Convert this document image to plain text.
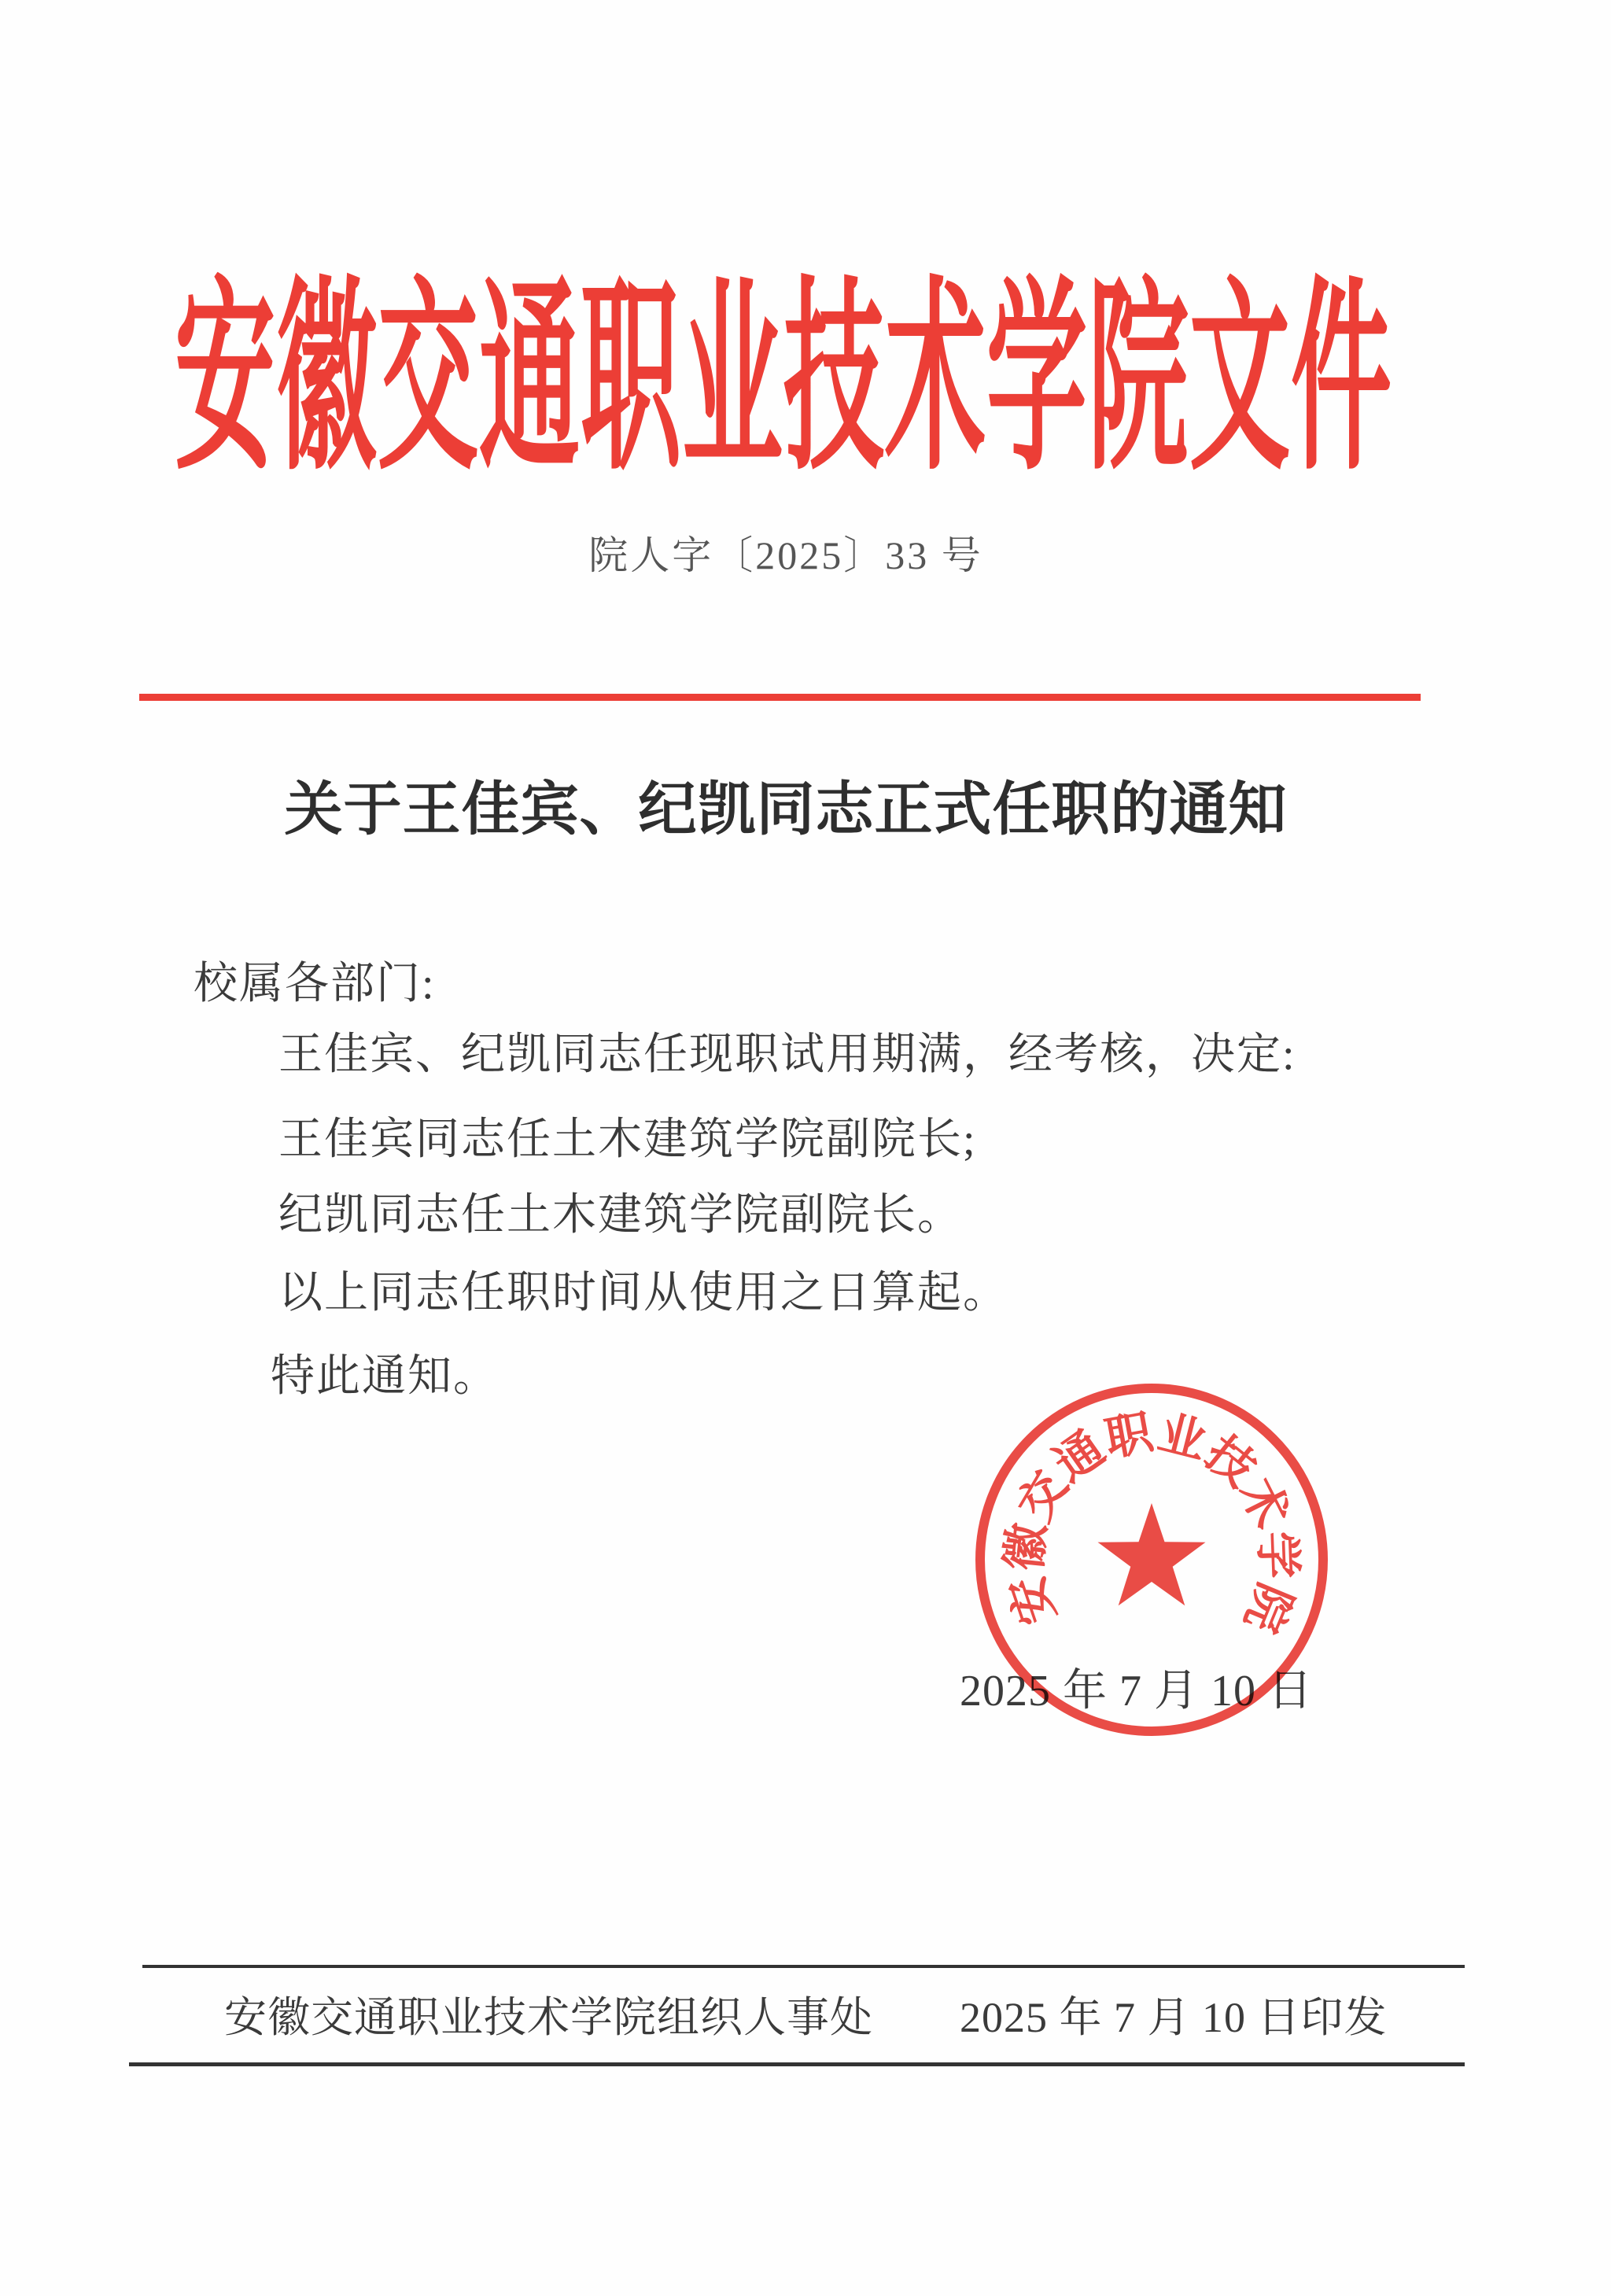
安徽交通职业技术学院文件
院人字〔2025〕33 号
关于王佳宾、纪凯同志正式任职的通知
校属各部门:
王佳宾、纪凯同志任现职试用期满，经考核，决定:
王佳宾同志任土木建筑学院副院长;
纪凯同志任土木建筑学院副院长。
以上同志任职时间从使用之日算起。
特此通知。
2025 年 7 月 10 日
安徽交通职业技术学院
安徽交通职业技术学院组织人事处 2025 年 7 月 10 日印发
